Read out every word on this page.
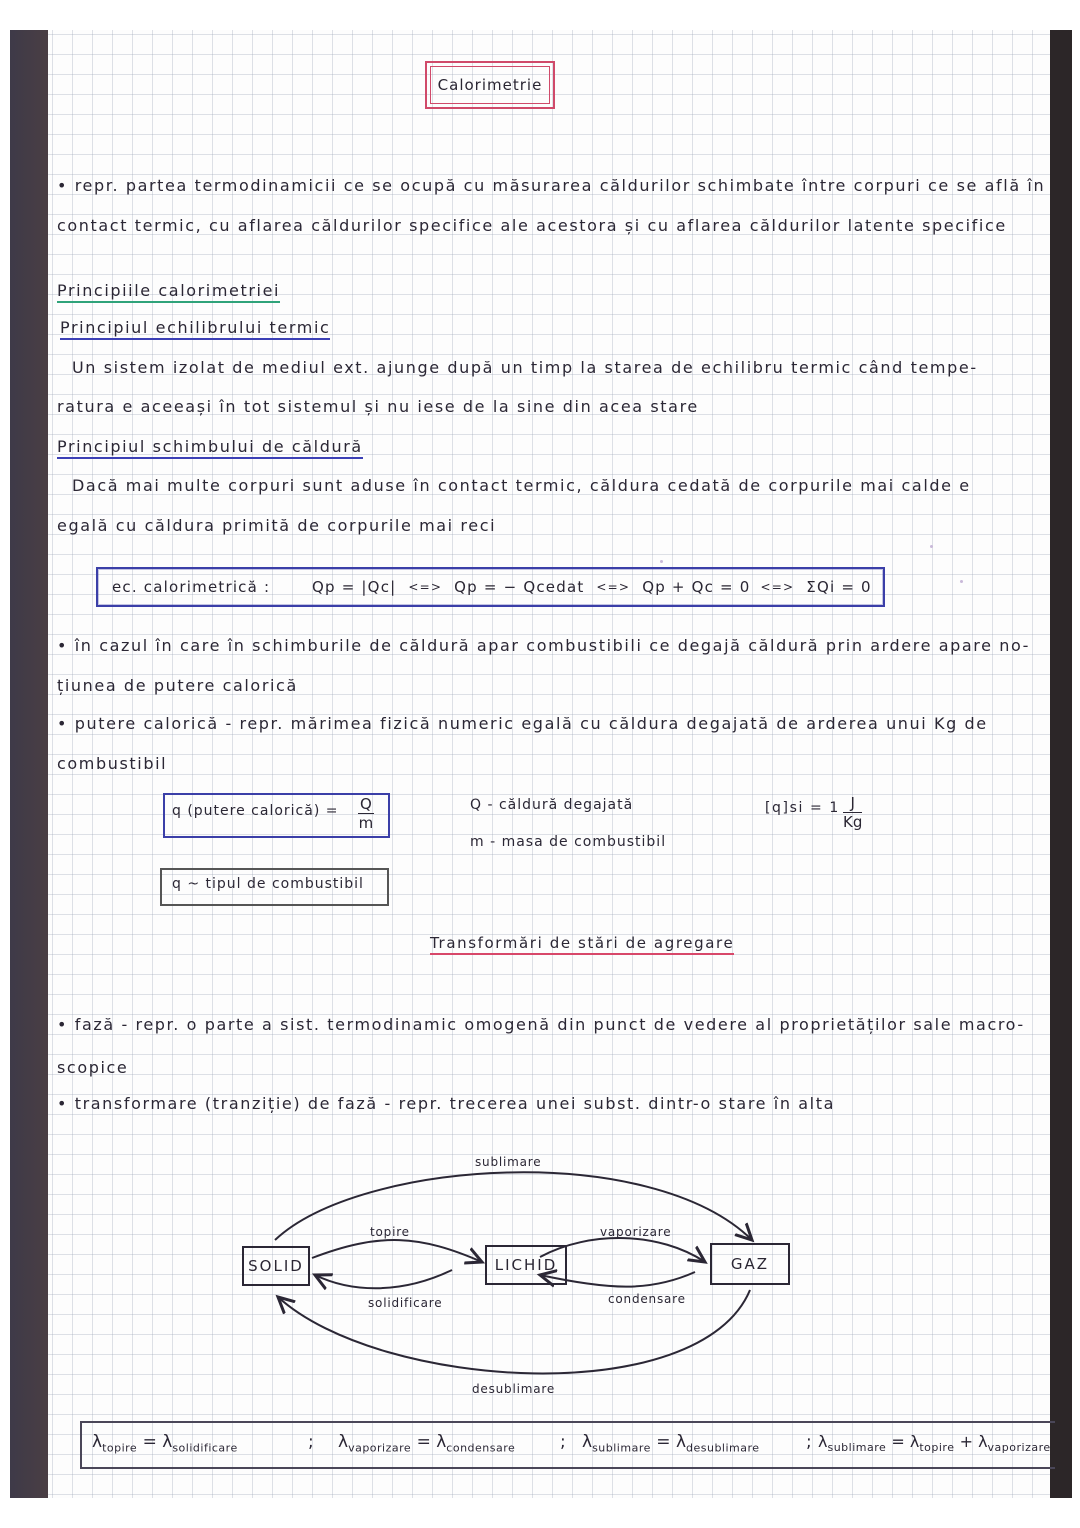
Calorimetrie
• repr. partea termodinamicii ce se ocupă cu măsurarea căldurilor schimbate între corpuri ce se află în
contact termic, cu aflarea căldurilor specifice ale acestora și cu aflarea căldurilor latente specifice
Principiile calorimetriei
Principiul echilibrului termic
Un sistem izolat de mediul ext. ajunge după un timp la starea de echilibru termic când tempe-
ratura e aceeași în tot sistemul și nu iese de la sine din acea stare
Principiul schimbului de căldură
Dacă mai multe corpuri sunt aduse în contact termic, căldura cedată de corpurile mai calde e
egală cu căldura primită de corpurile mai reci
ec. calorimetrică :	Qp = |Qc| <=> Qp = − Qcedat <=> Qp + Qc = 0 <=> ΣQi = 0
• în cazul în care în schimburile de căldură apar combustibili ce degajă căldură prin ardere apare no-
țiunea de putere calorică
• putere calorică - repr. mărimea fizică numeric egală cu căldura degajată de arderea unui Kg de
combustibil
q (putere calorică) = $\frac{Q}{m}$	Q - căldură degajată
m - masa de combustibil
$[q]si = 1 \frac{J}{Kg}$
q ~ tipul de combustibil
Transformări de stări de agregare
• fază - repr. o parte a sist. termodinamic omogenă din punct de vedere al proprietăților sale macro-
scopice
• transformare (tranziție) de fază - repr. trecerea unei subst. dintr-o stare în alta
SOLID	LICHID	GAZ
sublimare
topire	vaporizare
solidificare	condensare
desublimare
$\lambda_{topire} = \lambda_{solidificare}$	; $\lambda_{vaporizare} = \lambda_{condensare}$	; $\lambda_{sublimare} = \lambda_{desublimare}$	; $\lambda_{sublimare} = \lambda_{topire} + \lambda_{vaporizare}$
